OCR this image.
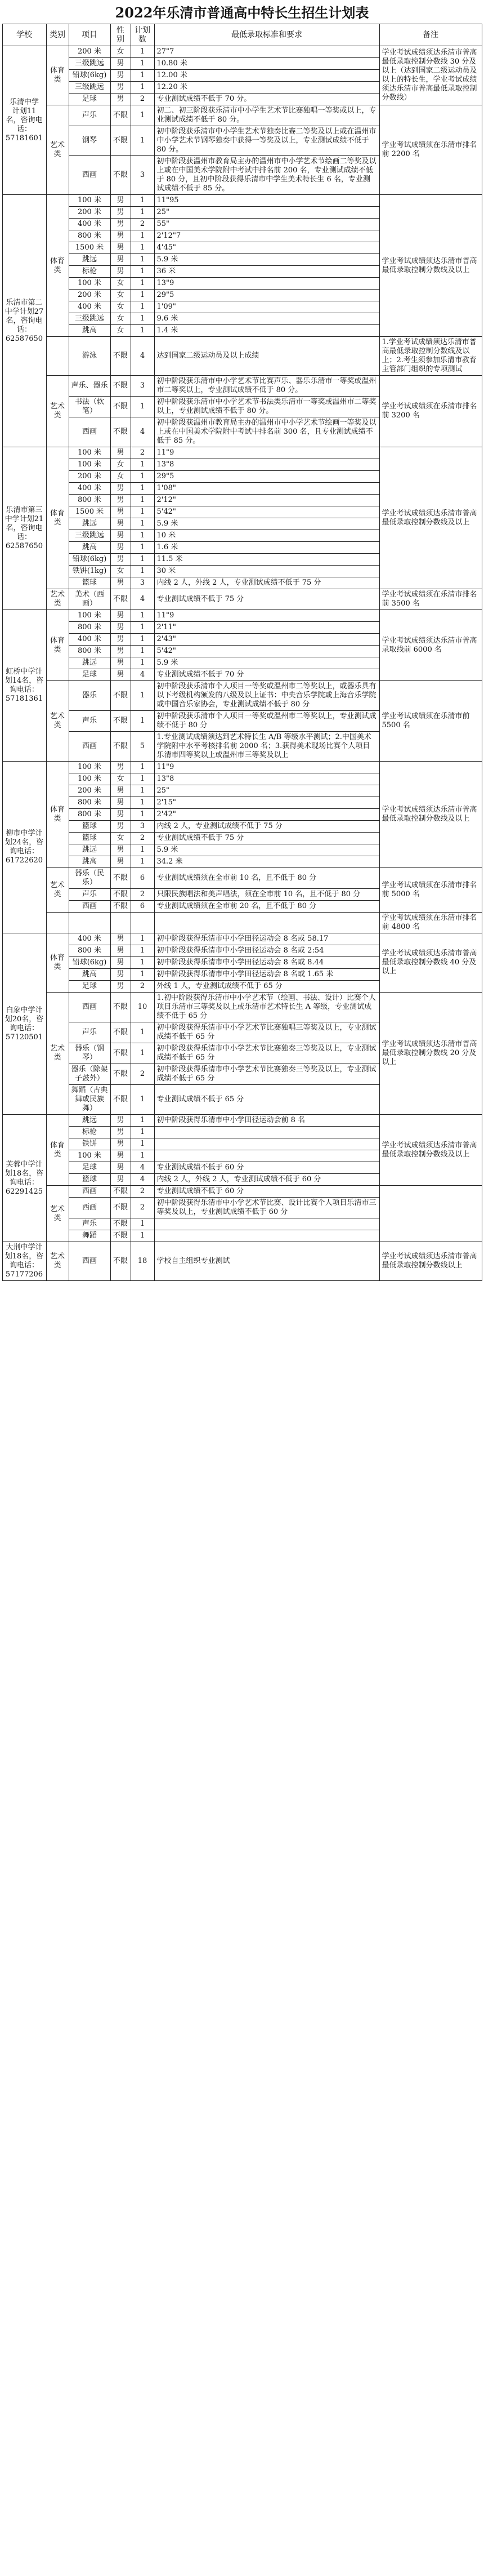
2022年乐清市普通高中特长生招生计划表
学校	类别	项目	性别	计划数	最低录取标准和要求	备注
乐清中学 计划11 名，咨询电 话： 57181601	体育类	200 米	女	1	27"7	学业考试成绩须达乐清市普高最低录取控制分数线 30 分及以上（达到国家二级运动员及以上的特长生，学业考试成绩须达乐清市普高最低录取控制分数线）
		三级跳远	男	1	10.80 米	
		铅球(6kg)	男	1	12.00 米	
		三级跳远	男	1	12.20 米	
		足球	男	2	专业测试成绩不低于 70 分。	
	艺术类	声乐	不限	1	初二、初三阶段获乐清市中小学生艺术节比赛独唱一等奖或以上，专业测试成绩不低于 80 分。	学业考试成绩须在乐清市排名前 2200 名
		钢琴	不限	1	初中阶段获乐清市中小学生艺术节独奏比赛二等奖及以上或在温州市中小学艺术节钢琴独奏中获得一等奖及以上，专业测试成绩不低于 80 分。	
		西画	不限	3	初中阶段获温州市教育局主办的温州市中小学艺术节绘画二等奖及以上或在中国美术学院附中考试中排名前 200 名，专业测试成绩不低于 80 分，且初中阶段获得乐清市中学生美术特长生 6 名，专业测试成绩不低于 85 分。	
乐清市第二中学计划27名，咨询电话：62587650	体育类	100 米	男	1	11"95	学业考试成绩须达乐清市普高最低录取控制分数线及以上
		200 米	男	1	25"	
		400 米	男	2	55"	
		800 米	男	1	2'12"7	
		1500 米	男	1	4'45"	
		跳远	男	1	5.9 米	
		标枪	男	1	36 米	
		100 米	女	1	13"9	
		200 米	女	1	29"5	
		400 米	女	1	1'09"	
		三级跳远	女	1	9.6 米	
		跳高	女	1	1.4 米	
		游泳	不限	4	达到国家二级运动员及以上成绩	1.学业考试成绩须达乐清市普高最低录取控制分数线及以上；2.考生须参加乐清市教育主管部门组织的专项测试
	艺术类	声乐、器乐	不限	3	初中阶段获乐清市中小学艺术节比赛声乐、器乐乐清市一等奖或温州市二等奖以上，专业测试成绩不低于 80 分。	学业考试成绩须在乐清市排名前 3200 名
		书法（软笔）	不限	1	初中阶段获乐清市中小学艺术节书法类乐清市一等奖或温州市二等奖以上，专业测试成绩不低于 80 分。	
		西画	不限	4	初中阶段获温州市教育局主办的温州市中小学艺术节绘画一等奖及以上或在中国美术学院附中考试中排名前 300 名，且专业测试成绩不低于 85 分。	
乐清市第三中学计划21名，咨询电话：62587650	体育类	100 米	男	2	11"9	学业考试成绩须达乐清市普高最低录取控制分数线及以上
		100 米	女	1	13"8	
		200 米	女	1	29"5	
		400 米	男	1	1'08"	
		800 米	男	1	2'12"	
		1500 米	男	1	5'42"	
		跳远	男	1	5.9 米	
		三级跳远	男	1	10 米	
		跳高	男	1	1.6 米	
		铅球(6kg)	男	1	11.5 米	
		铁饼(1kg)	女	1	30 米	
		篮球	男	3	内线 2 人，外线 2 人，专业测试成绩不低于 75 分	
	艺术类	美术（西画）	不限	4	专业测试成绩不低于 75 分	学业考试成绩须在乐清市排名前 3500 名
虹桥中学计划14名，咨询电话：57181361	体育类	100 米	男	1	11"9	学业考试成绩须达乐清市普高录取线前 6000 名
		800 米	男	1	2'11"	
		400 米	男	1	2'43"	
		800 米	男	1	5'42"	
		跳远	男	1	5.9 米	
		足球	男	4	专业测试成绩不低于 70 分	
	艺术类	器乐	不限	1	初中阶段获乐清市个人项目一等奖或温州市二等奖以上，或器乐具有以下考级机构颁发的八级及以上证书：中央音乐学院或上海音乐学院或中国音乐家协会，专业测试成绩不低于 80 分	学业考试成绩须在乐清市前 5500 名
		声乐	不限	1	初中阶段获乐清市个人项目一等奖或温州市二等奖以上，专业测试成绩不低于 80 分	
		西画	不限	5	1.专业测试成绩须达到艺术特长生 A/B 等级水平测试；2.中国美术学院附中水平考核排名前 2000 名；3.获得美术现场比赛个人项目乐清市四等奖以上或温州市三等奖及以上	
柳市中学计划24名，咨询电话：61722620	体育类	100 米	男	1	11"9	学业考试成绩须达乐清市普高最低录取控制分数线及以上
		100 米	女	1	13"8	
		200 米	男	1	25"	
		800 米	男	1	2'15"	
		800 米	男	1	2'42"	
		篮球	男	3	内线 2 人，专业测试成绩不低于 75 分	
		篮球	女	2	专业测试成绩不低于 75 分	
		跳远	男	1	5.9 米	
		跳高	男	1	34.2 米	
	艺术类	器乐（民乐）	不限	6	专业测试成绩须在全市前 10 名，且不低于 80 分	学业考试成绩须在乐清市排名前 5000 名
		声乐	不限	2	只限民族唱法和美声唱法，须在全市前 10 名，且不低于 80 分	
		西画	不限	6	专业测试成绩须在全市前 20 名，且不低于 80 分	
						学业考试成绩须在乐清市排名前 4800 名
白象中学计划20名，咨询电话：57120501	体育类	400 米	男	1	初中阶段获得乐清市中小学田径运动会 8 名或 58.17	学业考试成绩须达乐清市普高最低录取控制分数线 40 分及以上
		800 米	男	1	初中阶段获得乐清市中小学田径运动会 8 名或 2:54	
		铅球(6kg)	男	1	初中阶段获得乐清市中小学田径运动会 8 名或 8.44	
		跳高	男	1	初中阶段获得乐清市中小学田径运动会 8 名或 1.65 米	
		足球	男	2	外线 1 人，专业测试成绩不低于 65 分	
	艺术类	西画	不限	10	1.初中阶段获得乐清市中小学艺术节（绘画、书法、设计）比赛个人项目乐清市三等奖及以上或乐清市艺术特长生 A 等级，专业测试成绩不低于 65 分	学业考试成绩须达乐清市普高最低录取控制分数线 20 分及以上
		声乐	不限	1	初中阶段获得乐清市中小学艺术节比赛独唱三等奖及以上，专业测试成绩不低于 65 分	
		器乐（钢琴）	不限	1	初中阶段获得乐清市中小学艺术节比赛独奏三等奖及以上，专业测试成绩不低于 65 分	
		器乐（除架子鼓外）	不限	2	初中阶段获得乐清市中小学艺术节比赛独奏三等奖及以上，专业测试成绩不低于 65 分	
		舞蹈（古典舞或民族舞）	不限	1	专业测试成绩不低于 65 分	
芙蓉中学计划18名，咨询电话：62291425	体育类	跳远	男	1	初中阶段获得乐清市中小学田径运动会前 8 名	学业考试成绩须达乐清市普高最低录取控制分数线及以上
		标枪	男	1		
		铁饼	男	1		
		100 米	男	1		
		足球	男	4	专业测试成绩不低于 60 分	
		篮球	男	4	内线 2 人，外线 2 人，专业测试成绩不低于 60 分	
	艺术类	西画	不限	2	专业测试成绩不低于 60 分	
		西画	不限	2	初中阶段获得乐清市中小学艺术节比赛、设计比赛个人项目乐清市三等奖及以上，专业测试成绩不低于 60 分	
		声乐	不限	1		
		舞蹈	不限	1		
大荆中学计划18名，咨询电话：57177206	艺术类	西画	不限	18	学校自主组织专业测试	学业考试成绩须达乐清市普高最低录取控制分数线以上
